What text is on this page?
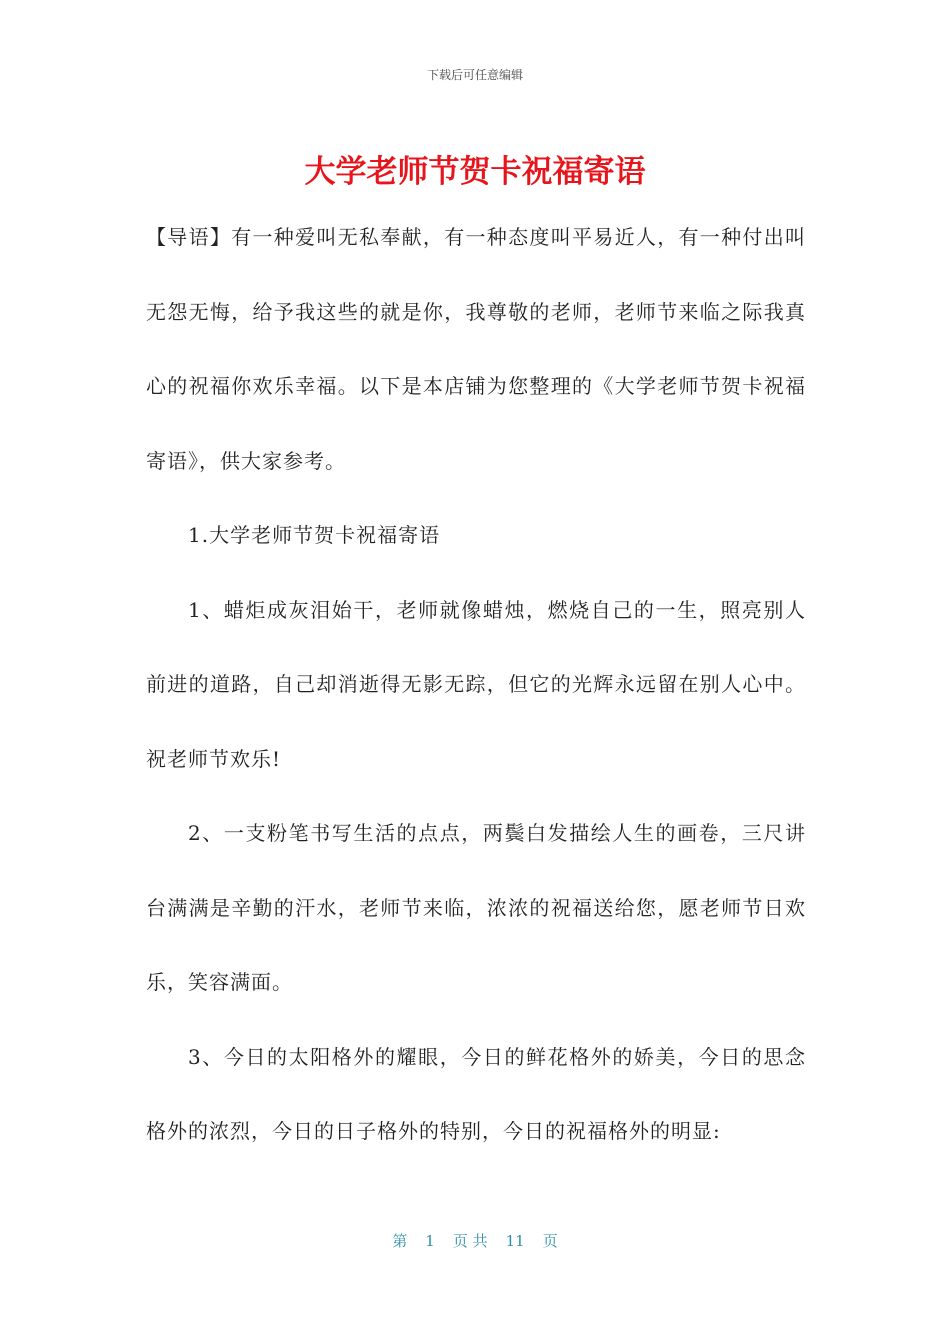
下载后可任意编辑
大学老师节贺卡祝福寄语

【导语】有一种爱叫无私奉献，有一种态度叫平易近人，有一种付出叫无怨无悔，给予我这些的就是你，我尊敬的老师，老师节来临之际我真心的祝福你欢乐幸福。以下是本店铺为您整理的《大学老师节贺卡祝福寄语》，供大家参考。

1.大学老师节贺卡祝福寄语

1、蜡炬成灰泪始干，老师就像蜡烛，燃烧自己的一生，照亮别人前进的道路，自己却消逝得无影无踪，但它的光辉永远留在别人心中。祝老师节欢乐!

2、一支粉笔书写生活的点点，两鬓白发描绘人生的画卷，三尺讲台满满是辛勤的汗水，老师节来临，浓浓的祝福送给您，愿老师节日欢乐，笑容满面。

3、今日的太阳格外的耀眼，今日的鲜花格外的娇美，今日的思念格外的浓烈，今日的日子格外的特别，今日的祝福格外的明显:

第 1 页 共 11 页
